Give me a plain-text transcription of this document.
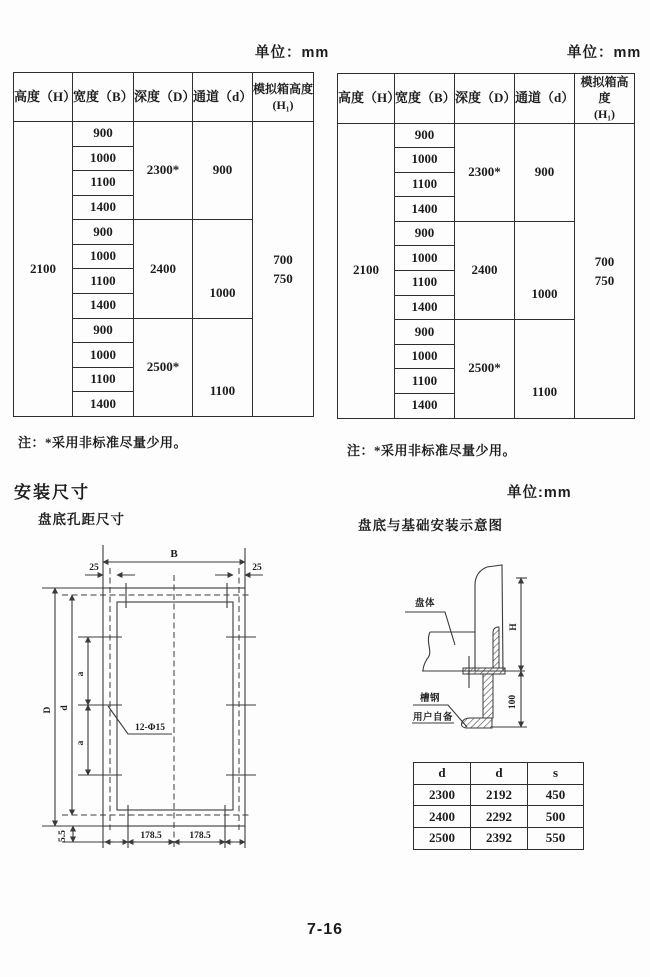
单位：mm	单位：mm
高度（H）	宽度（B）	深度（D）	通道（d）	模拟箱高度
(H₁)

2100	900	2300*	900	700
750

	1000			
	1100			
	1400			
	900	2400	1000	
	1000			
	1100			
	1400			
	900	2500*	1100	
	1000			
	1100			
	1400			
高度（H）	宽度（B）	深度（D）	通道（d）	模拟箱高度
(H₁)

2100	900	2300*	900	700
750

	1000			
	1100			
	1400			
	900	2400	1000	
	1000			
	1100			
	1400			
	900	2500*	1100	
	1000			
	1100			
	1400			
注：*采用非标准尽量少用。
注：*采用非标准尽量少用。
安装尺寸	单位:mm
盘底孔距尺寸	盘底与基础安装示意图
B
25	25
D d
a
a
12-Φ15
178.5	178.5
5.5
H
100
盘体
槽钢
用户自备
d	d	s
2300	2192	450
2400	2292	500
2500	2392	550
7-16
